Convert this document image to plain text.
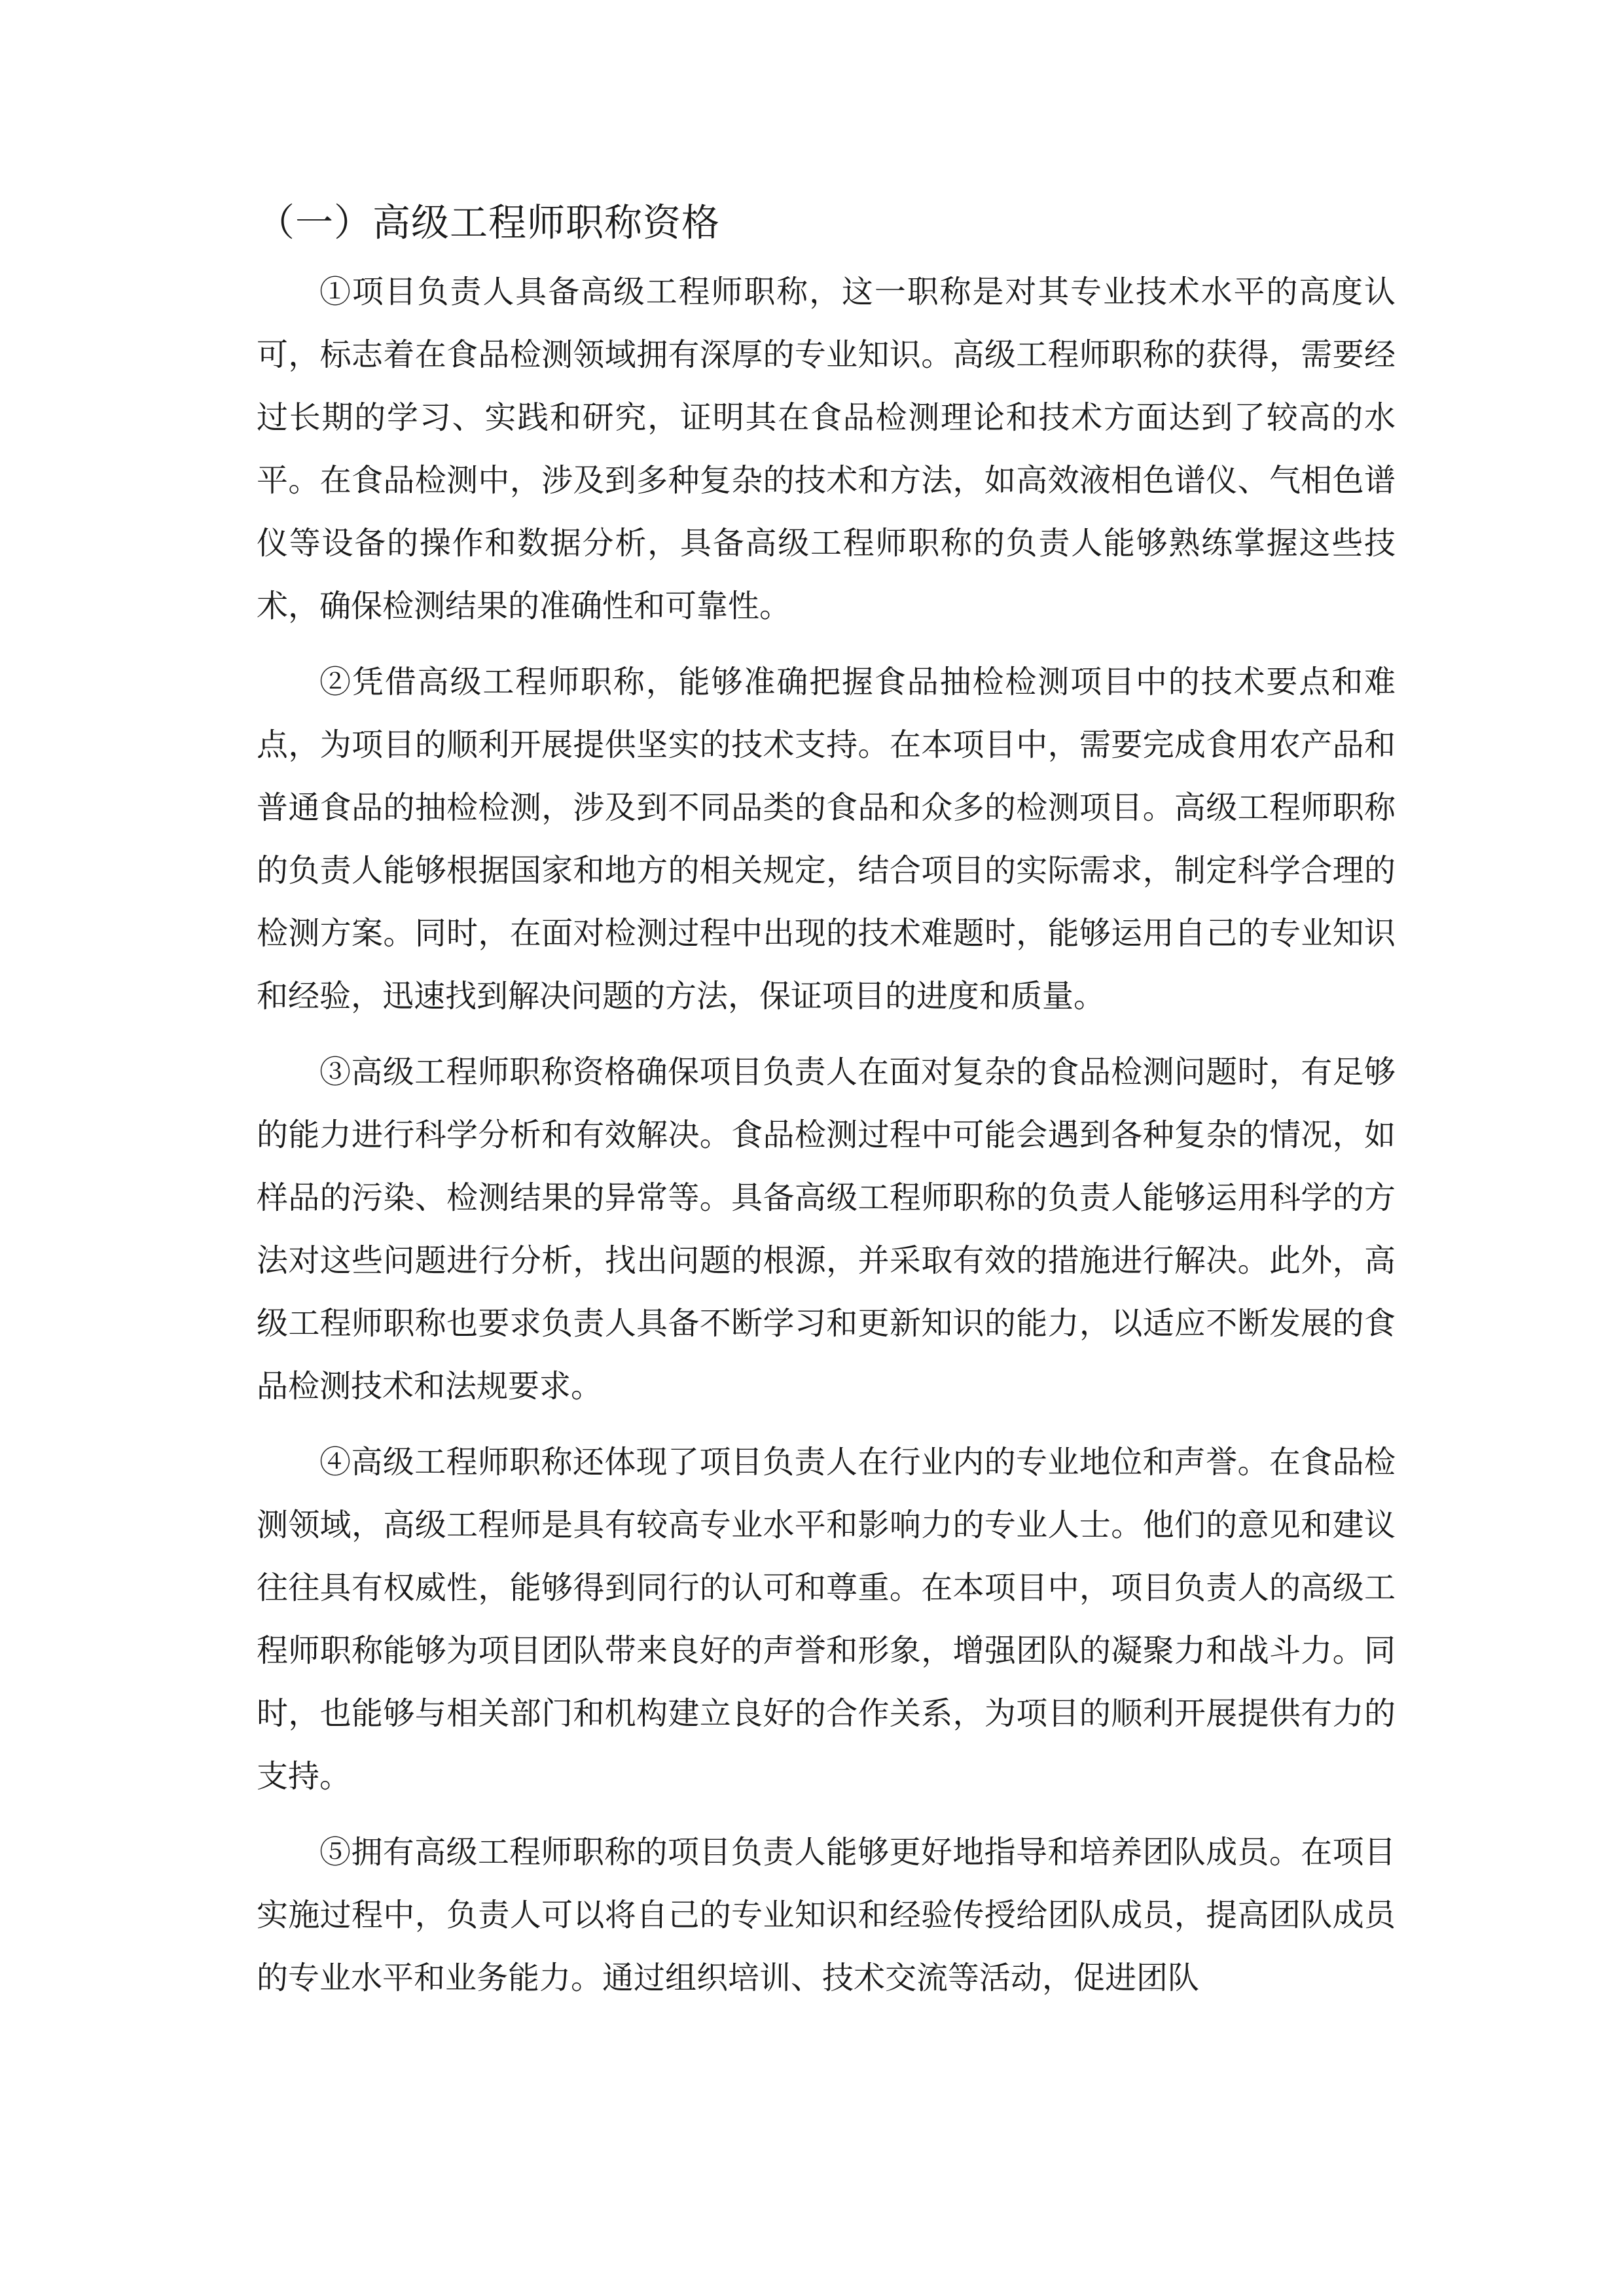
（一）高级工程师职称资格

①项目负责人具备高级工程师职称，这一职称是对其专业技术水平的高度认可，标志着在食品检测领域拥有深厚的专业知识。高级工程师职称的获得，需要经过长期的学习、实践和研究，证明其在食品检测理论和技术方面达到了较高的水平。在食品检测中，涉及到多种复杂的技术和方法，如高效液相色谱仪、气相色谱仪等设备的操作和数据分析，具备高级工程师职称的负责人能够熟练掌握这些技术，确保检测结果的准确性和可靠性。

②凭借高级工程师职称，能够准确把握食品抽检检测项目中的技术要点和难点，为项目的顺利开展提供坚实的技术支持。在本项目中，需要完成食用农产品和普通食品的抽检检测，涉及到不同品类的食品和众多的检测项目。高级工程师职称的负责人能够根据国家和地方的相关规定，结合项目的实际需求，制定科学合理的检测方案。同时，在面对检测过程中出现的技术难题时，能够运用自己的专业知识和经验，迅速找到解决问题的方法，保证项目的进度和质量。

③高级工程师职称资格确保项目负责人在面对复杂的食品检测问题时，有足够的能力进行科学分析和有效解决。食品检测过程中可能会遇到各种复杂的情况，如样品的污染、检测结果的异常等。具备高级工程师职称的负责人能够运用科学的方法对这些问题进行分析，找出问题的根源，并采取有效的措施进行解决。此外，高级工程师职称也要求负责人具备不断学习和更新知识的能力，以适应不断发展的食品检测技术和法规要求。

④高级工程师职称还体现了项目负责人在行业内的专业地位和声誉。在食品检测领域，高级工程师是具有较高专业水平和影响力的专业人士。他们的意见和建议往往具有权威性，能够得到同行的认可和尊重。在本项目中，项目负责人的高级工程师职称能够为项目团队带来良好的声誉和形象，增强团队的凝聚力和战斗力。同时，也能够与相关部门和机构建立良好的合作关系，为项目的顺利开展提供有力的支持。

⑤拥有高级工程师职称的项目负责人能够更好地指导和培养团队成员。在项目实施过程中，负责人可以将自己的专业知识和经验传授给团队成员，提高团队成员的专业水平和业务能力。通过组织培训、技术交流等活动，促进团队
